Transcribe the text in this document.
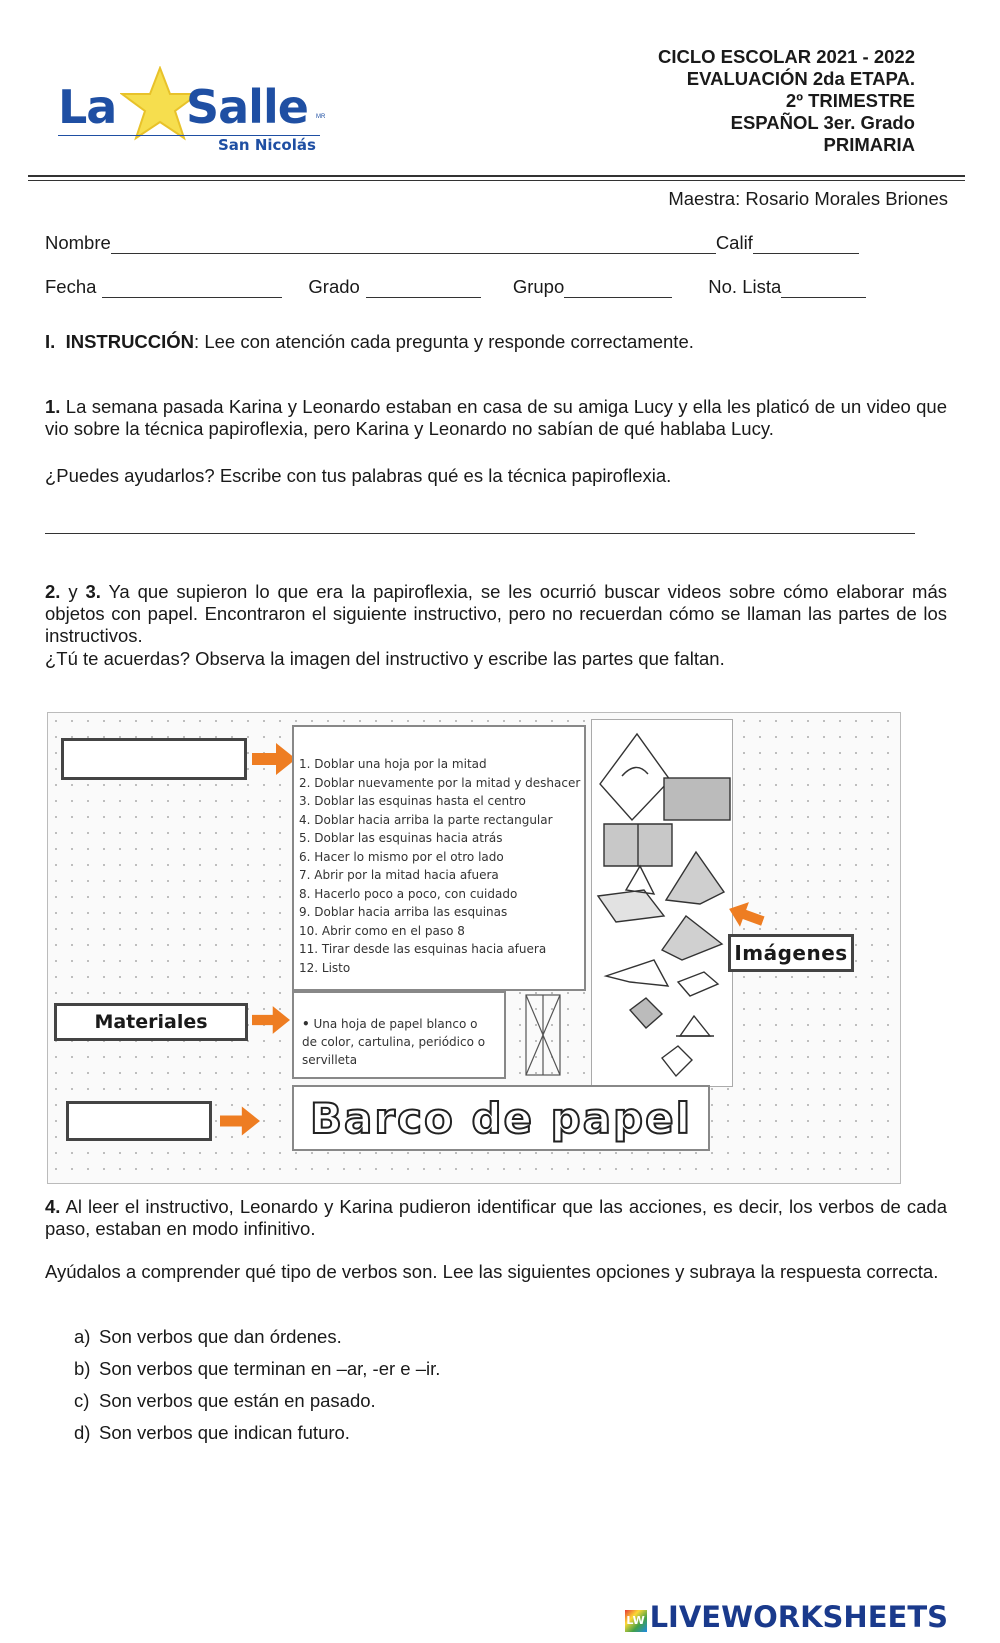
La Salle MR
San Nicolás
CICLO ESCOLAR 2021 - 2022
EVALUACIÓN 2da ETAPA.
2º TRIMESTRE
ESPAÑOL 3er. Grado
PRIMARIA
Maestra: Rosario Morales Briones
Nombre	Calif
Fecha	Grado	Grupo	No. Lista
I. INSTRUCCIÓN: Lee con atención cada pregunta y responde correctamente.
1. La semana pasada Karina y Leonardo estaban en casa de su amiga Lucy y ella les platicó de un video que vio sobre la técnica papiroflexia, pero Karina y Leonardo no sabían de qué hablaba Lucy.
¿Puedes ayudarlos? Escribe con tus palabras qué es la técnica papiroflexia.
2. y 3. Ya que supieron lo que era la papiroflexia, se les ocurrió buscar videos sobre cómo elaborar más objetos con papel. Encontraron el siguiente instructivo, pero no recuerdan cómo se llaman las partes de los instructivos.
¿Tú te acuerdas? Observa la imagen del instructivo y escribe las partes que faltan.
1. Doblar una hoja por la mitad
2. Doblar nuevamente por la mitad y deshacer
3. Doblar las esquinas hasta el centro
4. Doblar hacia arriba la parte rectangular
5. Doblar las esquinas hacia atrás
6. Hacer lo mismo por el otro lado
7. Abrir por la mitad hacia afuera
8. Hacerlo poco a poco, con cuidado
9. Doblar hacia arriba las esquinas
10. Abrir como en el paso 8
11. Tirar desde las esquinas hacia afuera
12. Listo
Imágenes
Materiales	• Una hoja de papel blanco o de color, cartulina, periódico o servilleta
Barco de papel
4. Al leer el instructivo, Leonardo y Karina pudieron identificar que las acciones, es decir, los verbos de cada paso, estaban en modo infinitivo.
Ayúdalos a comprender qué tipo de verbos son. Lee las siguientes opciones y subraya la respuesta correcta.
a) Son verbos que dan órdenes.
b) Son verbos que terminan en –ar, -er e –ir.
c) Son verbos que están en pasado.
d) Son verbos que indican futuro.
LW LIVEWORKSHEETS
